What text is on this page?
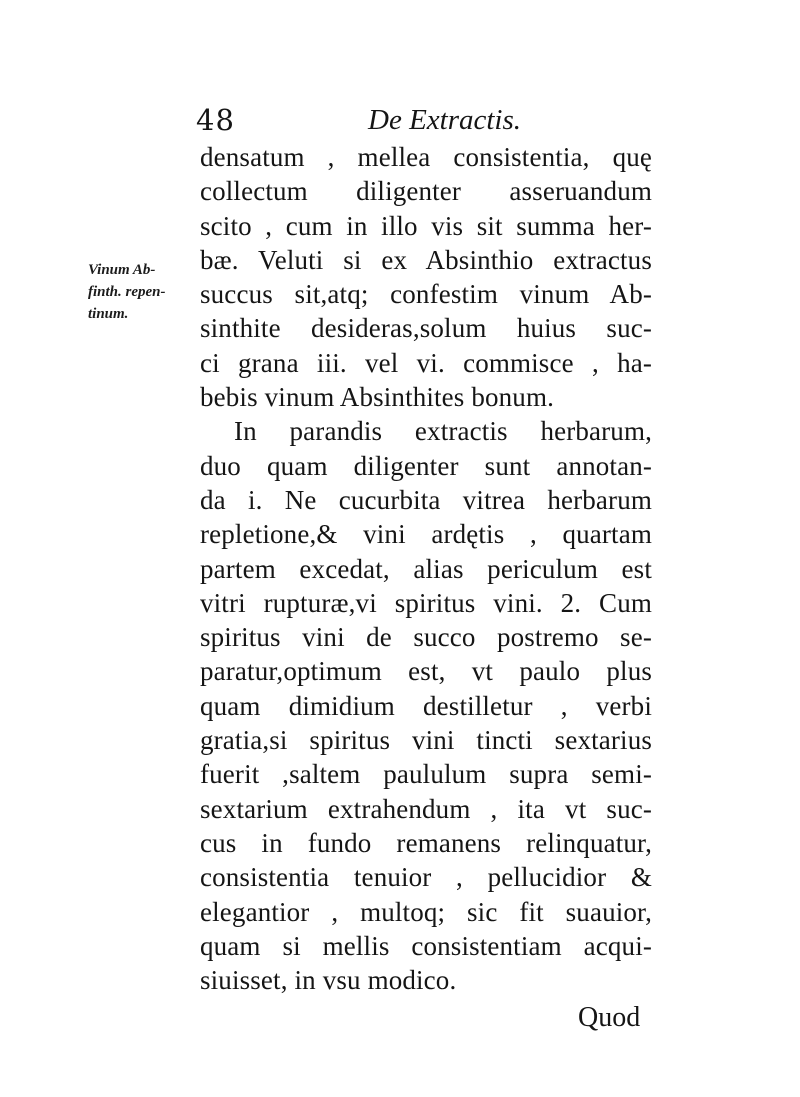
48	De Extractis.
Vinum Ab-
finth. repen-
tinum.
densatum , mellea consistentia, quę
collectum diligenter asseruandum
scito , cum in illo vis sit summa her-
bæ. Veluti si ex Absinthio extractus
succus sit,atq; confestim vinum Ab-
sinthite desideras,solum huius suc-
ci grana iii. vel vi. commisce , ha-
bebis vinum Absinthites bonum.
In parandis extractis herbarum,
duo quam diligenter sunt annotan-
da i. Ne cucurbita vitrea herbarum
repletione,& vini ardętis , quartam
partem excedat, alias periculum est
vitri rupturæ,vi spiritus vini. 2. Cum
spiritus vini de succo postremo se-
paratur,optimum est, vt paulo plus
quam dimidium destilletur , verbi
gratia,si spiritus vini tincti sextarius
fuerit ,saltem paululum supra semi-
sextarium extrahendum , ita vt suc-
cus in fundo remanens relinquatur,
consistentia tenuior , pellucidior &
elegantior , multoq; sic fit suauior,
quam si mellis consistentiam acqui-
siuisset, in vsu modico.
Quod
